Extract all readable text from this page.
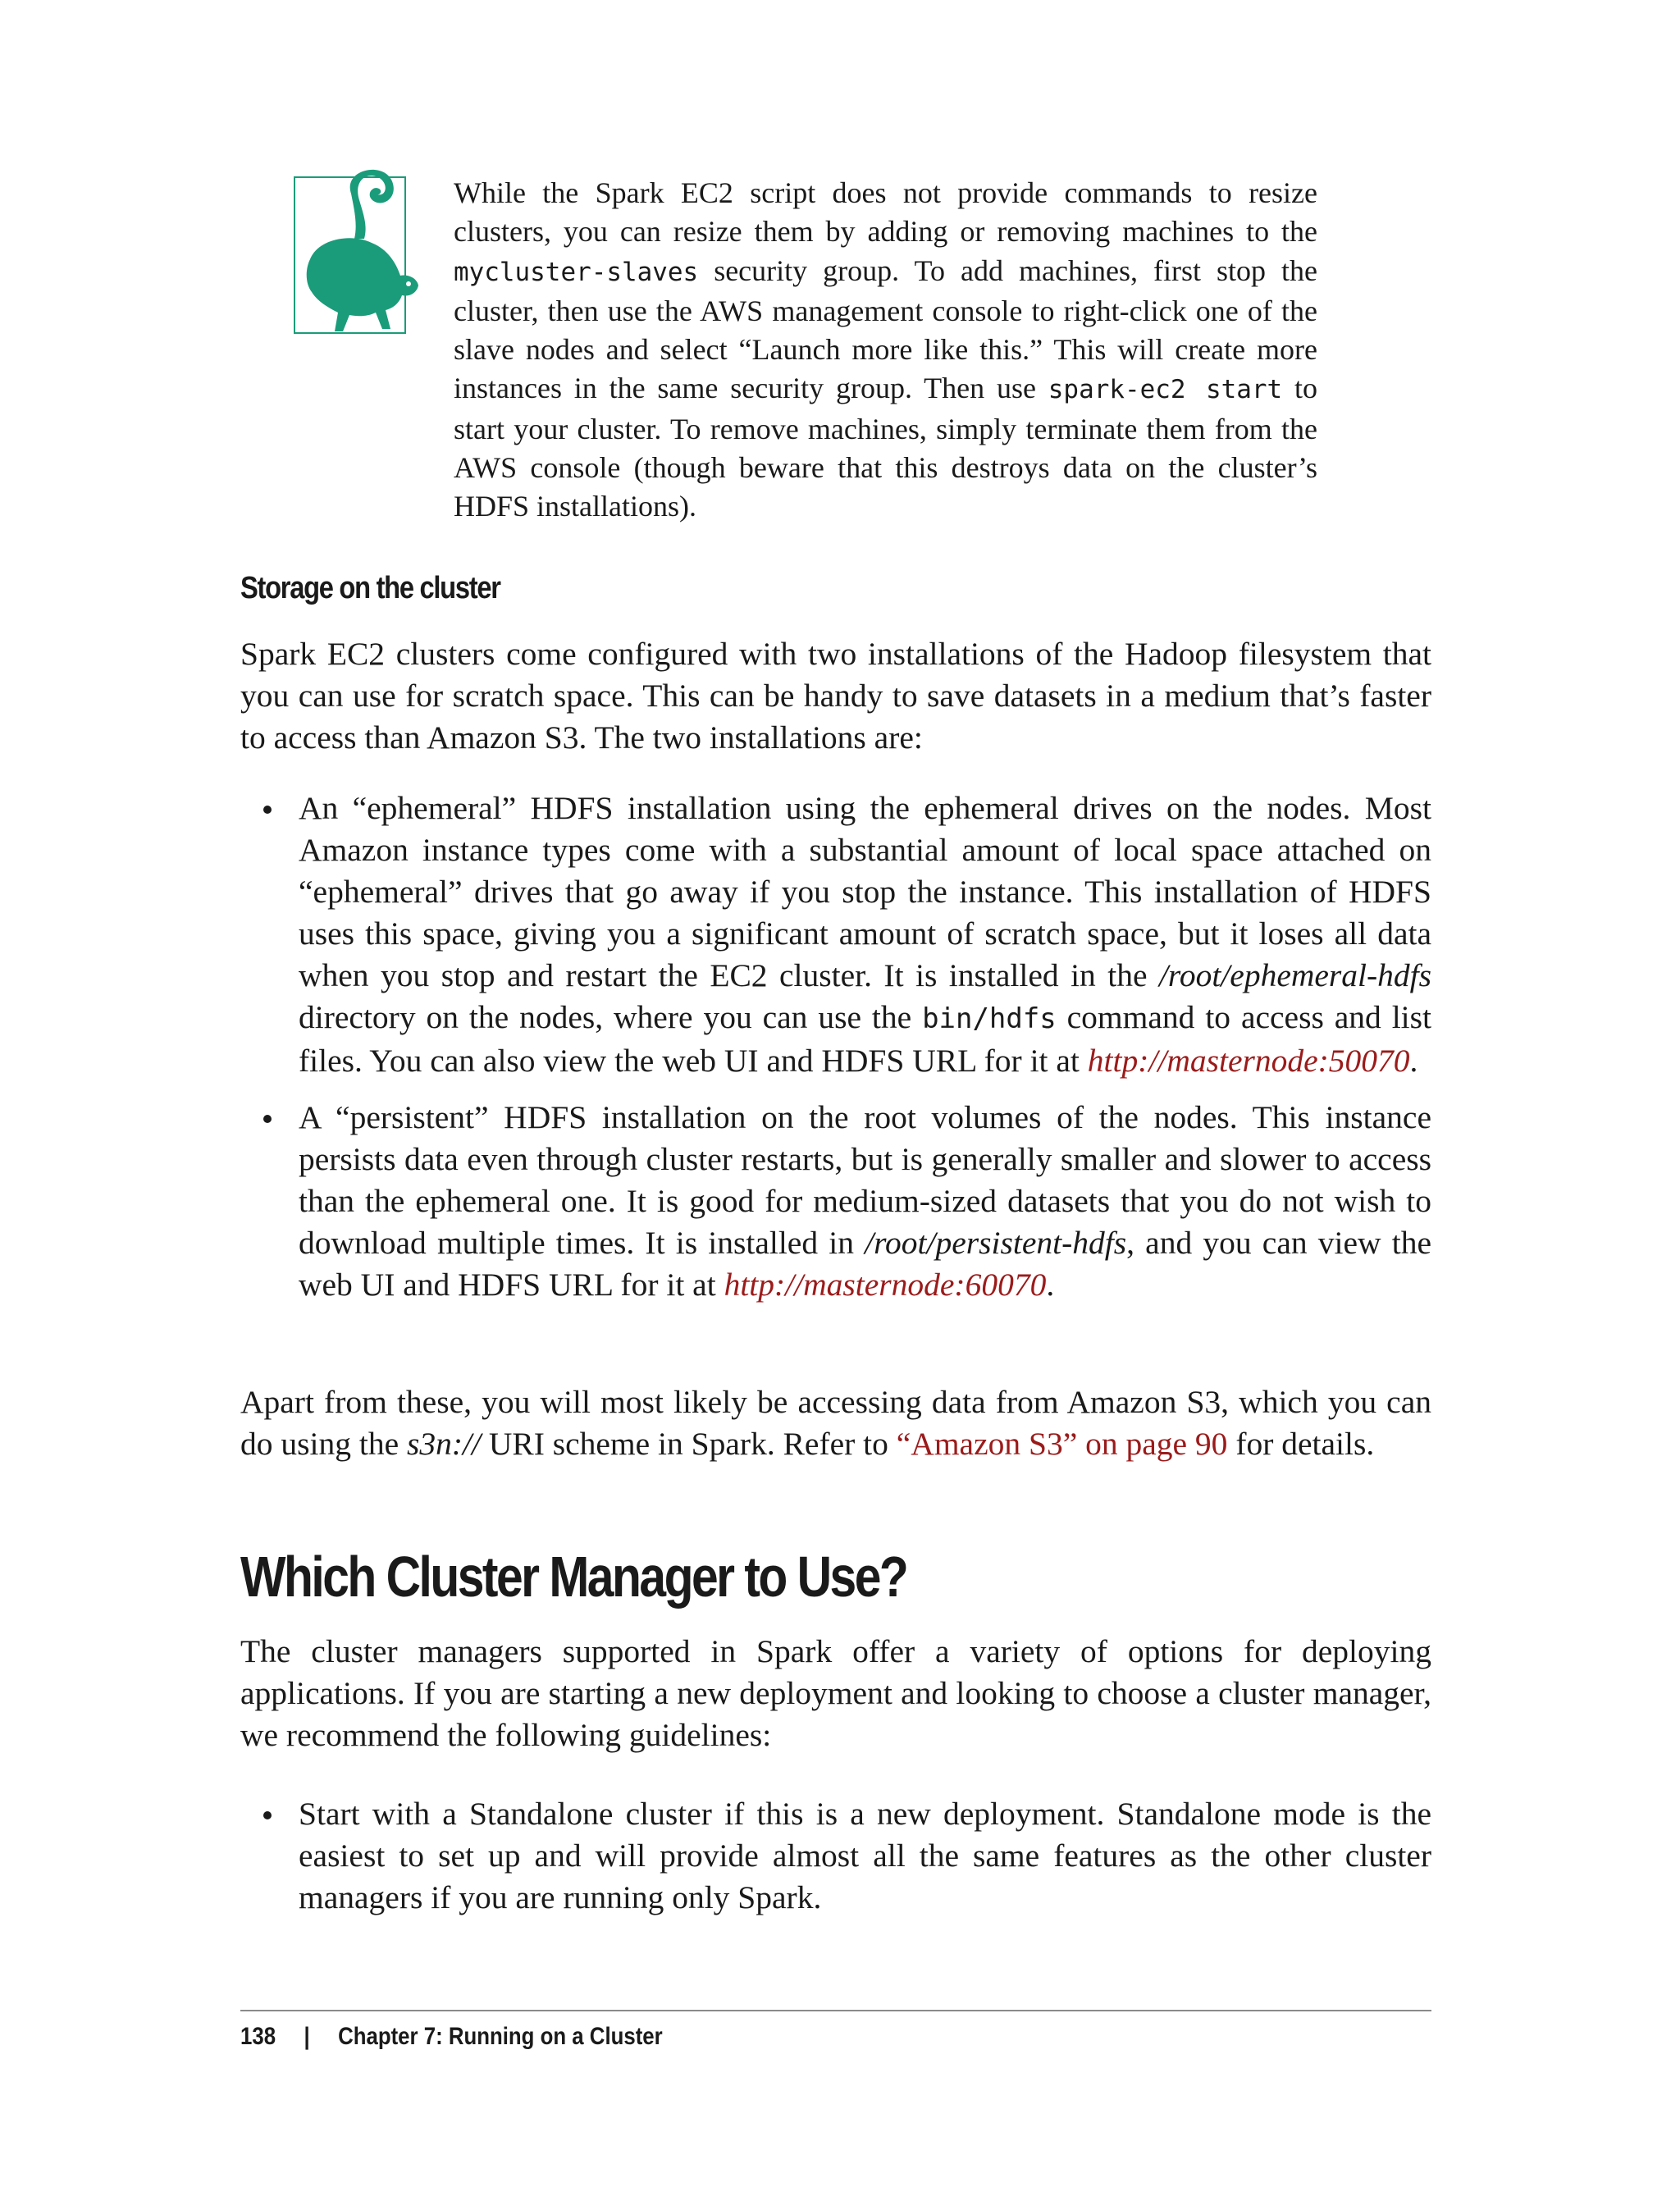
While the Spark EC2 script does not provide commands to resize clusters, you can resize them by adding or removing machines to the mycluster-slaves security group. To add machines, first stop the cluster, then use the AWS management console to right-click one of the slave nodes and select “Launch more like this.” This will create more instances in the same security group. Then use spark-ec2 start to start your cluster. To remove machines, simply terminate them from the AWS console (though beware that this destroys data on the cluster’s HDFS installations).

Storage on the cluster

Spark EC2 clusters come configured with two installations of the Hadoop filesystem that you can use for scratch space. This can be handy to save datasets in a medium that’s faster to access than Amazon S3. The two installations are:

An “ephemeral” HDFS installation using the ephemeral drives on the nodes. Most Amazon instance types come with a substantial amount of local space attached on “ephemeral” drives that go away if you stop the instance. This installation of HDFS uses this space, giving you a significant amount of scratch space, but it loses all data when you stop and restart the EC2 cluster. It is installed in the /root/ephemeral-hdfs directory on the nodes, where you can use the bin/hdfs command to access and list files. You can also view the web UI and HDFS URL for it at http://masternode:50070.
A “persistent” HDFS installation on the root volumes of the nodes. This instance persists data even through cluster restarts, but is generally smaller and slower to access than the ephemeral one. It is good for medium-sized datasets that you do not wish to download multiple times. It is installed in /root/persistent-hdfs, and you can view the web UI and HDFS URL for it at http://masternode:60070.

Apart from these, you will most likely be accessing data from Amazon S3, which you can do using the s3n:// URI scheme in Spark. Refer to “Amazon S3” on page 90 for details.

Which Cluster Manager to Use?

The cluster managers supported in Spark offer a variety of options for deploying applications. If you are starting a new deployment and looking to choose a cluster manager, we recommend the following guidelines:

Start with a Standalone cluster if this is a new deployment. Standalone mode is the easiest to set up and will provide almost all the same features as the other cluster managers if you are running only Spark.

138 | Chapter 7: Running on a Cluster
